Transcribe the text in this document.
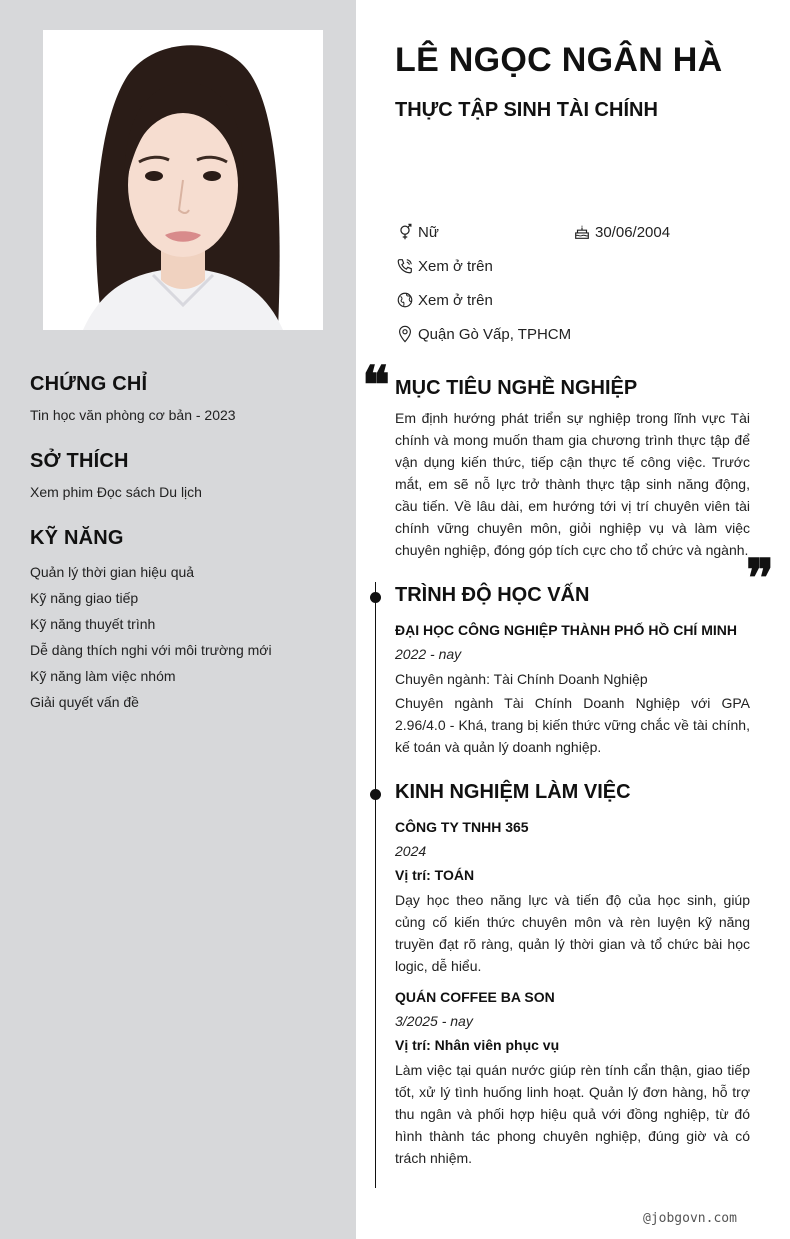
CHỨNG CHỈ
Tin học văn phòng cơ bản - 2023
SỞ THÍCH
Xem phim Đọc sách Du lịch
KỸ NĂNG
Quản lý thời gian hiệu quả
Kỹ năng giao tiếp
Kỹ năng thuyết trình
Dễ dàng thích nghi với môi trường mới
Kỹ năng làm việc nhóm
Giải quyết vấn đề
LÊ NGỌC NGÂN HÀ
THỰC TẬP SINH TÀI CHÍNH
Nữ	30/06/2004
Xem ở trên
Xem ở trên
Quận Gò Vấp, TPHCM
❝ MỤC TIÊU NGHỀ NGHIỆP
Em định hướng phát triển sự nghiệp trong lĩnh vực Tài chính và mong muốn tham gia chương trình thực tập để vận dụng kiến thức, tiếp cận thực tế công việc. Trước mắt, em sẽ nỗ lực trở thành thực tập sinh năng động, cầu tiến. Về lâu dài, em hướng tới vị trí chuyên viên tài chính vững chuyên môn, giỏi nghiệp vụ và làm việc chuyên nghiệp, đóng góp tích cực cho tổ chức và ngành.
❞
TRÌNH ĐỘ HỌC VẤN
ĐẠI HỌC CÔNG NGHIỆP THÀNH PHỐ HỒ CHÍ MINH
2022 - nay
Chuyên ngành: Tài Chính Doanh Nghiệp
Chuyên ngành Tài Chính Doanh Nghiệp với GPA 2.96/4.0 - Khá, trang bị kiến thức vững chắc về tài chính, kế toán và quản lý doanh nghiệp.
KINH NGHIỆM LÀM VIỆC
CÔNG TY TNHH 365
2024
Vị trí: TOÁN
Dạy học theo năng lực và tiến độ của học sinh, giúp củng cố kiến thức chuyên môn và rèn luyện kỹ năng truyền đạt rõ ràng, quản lý thời gian và tổ chức bài học logic, dễ hiểu.
QUÁN COFFEE BA SON
3/2025 - nay
Vị trí: Nhân viên phục vụ
Làm việc tại quán nước giúp rèn tính cẩn thận, giao tiếp tốt, xử lý tình huống linh hoạt. Quản lý đơn hàng, hỗ trợ thu ngân và phối hợp hiệu quả với đồng nghiệp, từ đó hình thành tác phong chuyên nghiệp, đúng giờ và có trách nhiệm.
@jobgovn.com
